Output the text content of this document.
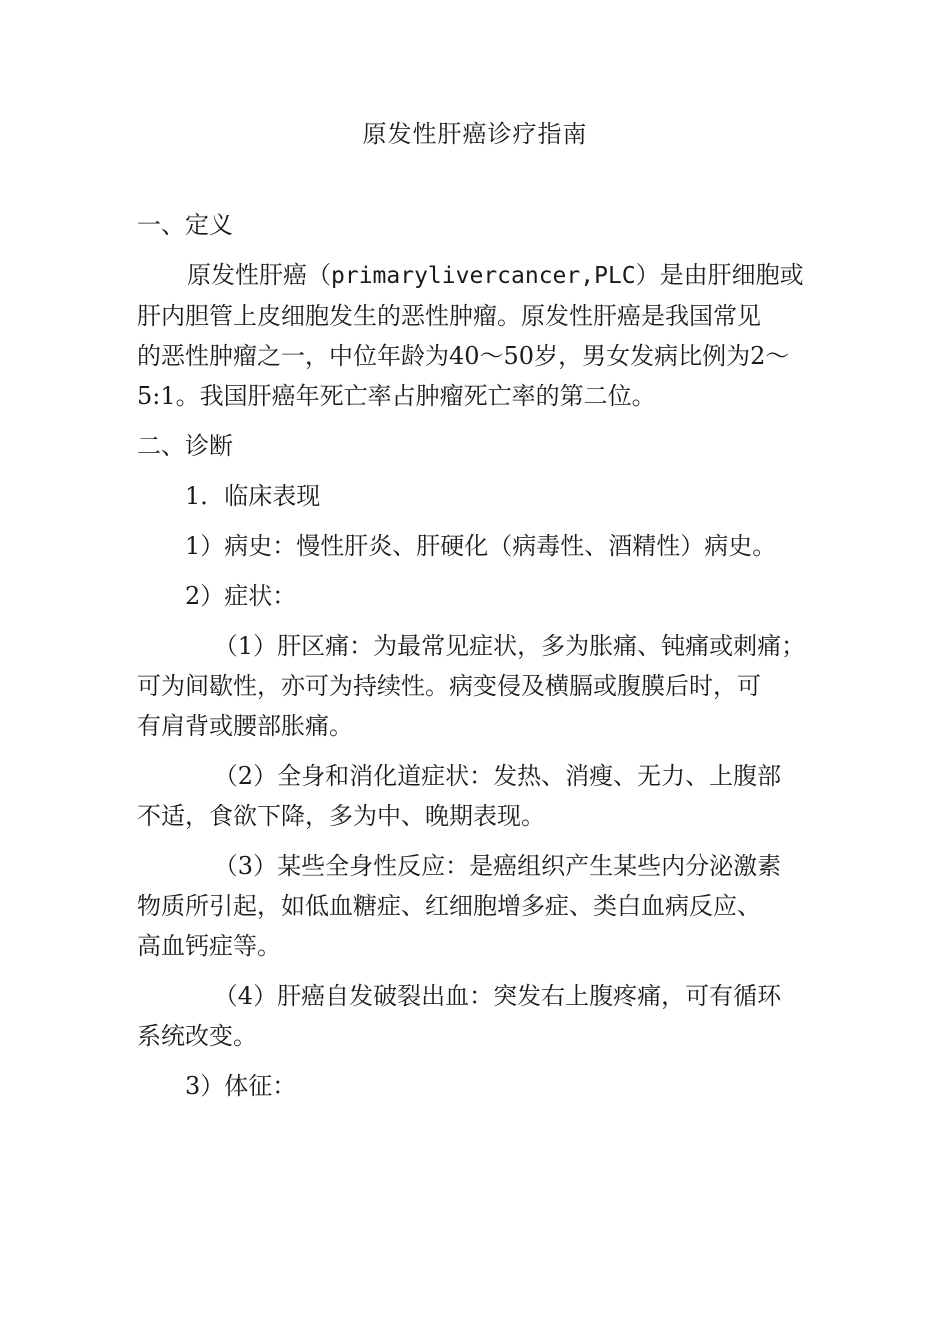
原发性肝癌诊疗指南

一、定义

原发性肝癌（primarylivercancer,PLC）是由肝细胞或
肝内胆管上皮细胞发生的恶性肿瘤。原发性肝癌是我国常见
的恶性肿瘤之一，中位年龄为40〜50岁，男女发病比例为2〜
5:1。我国肝癌年死亡率占肿瘤死亡率的第二位。

二、诊断

1．临床表现

1）病史：慢性肝炎、肝硬化（病毒性、酒精性）病史。

2）症状：

（1）肝区痛：为最常见症状，多为胀痛、钝痛或刺痛；
可为间歇性，亦可为持续性。病变侵及横膈或腹膜后时，可
有肩背或腰部胀痛。

（2）全身和消化道症状：发热、消瘦、无力、上腹部
不适，食欲下降，多为中、晚期表现。

（3）某些全身性反应：是癌组织产生某些内分泌激素
物质所引起，如低血糖症、红细胞增多症、类白血病反应、
高血钙症等。

（4）肝癌自发破裂出血：突发右上腹疼痛，可有循环
系统改变。

3）体征：
